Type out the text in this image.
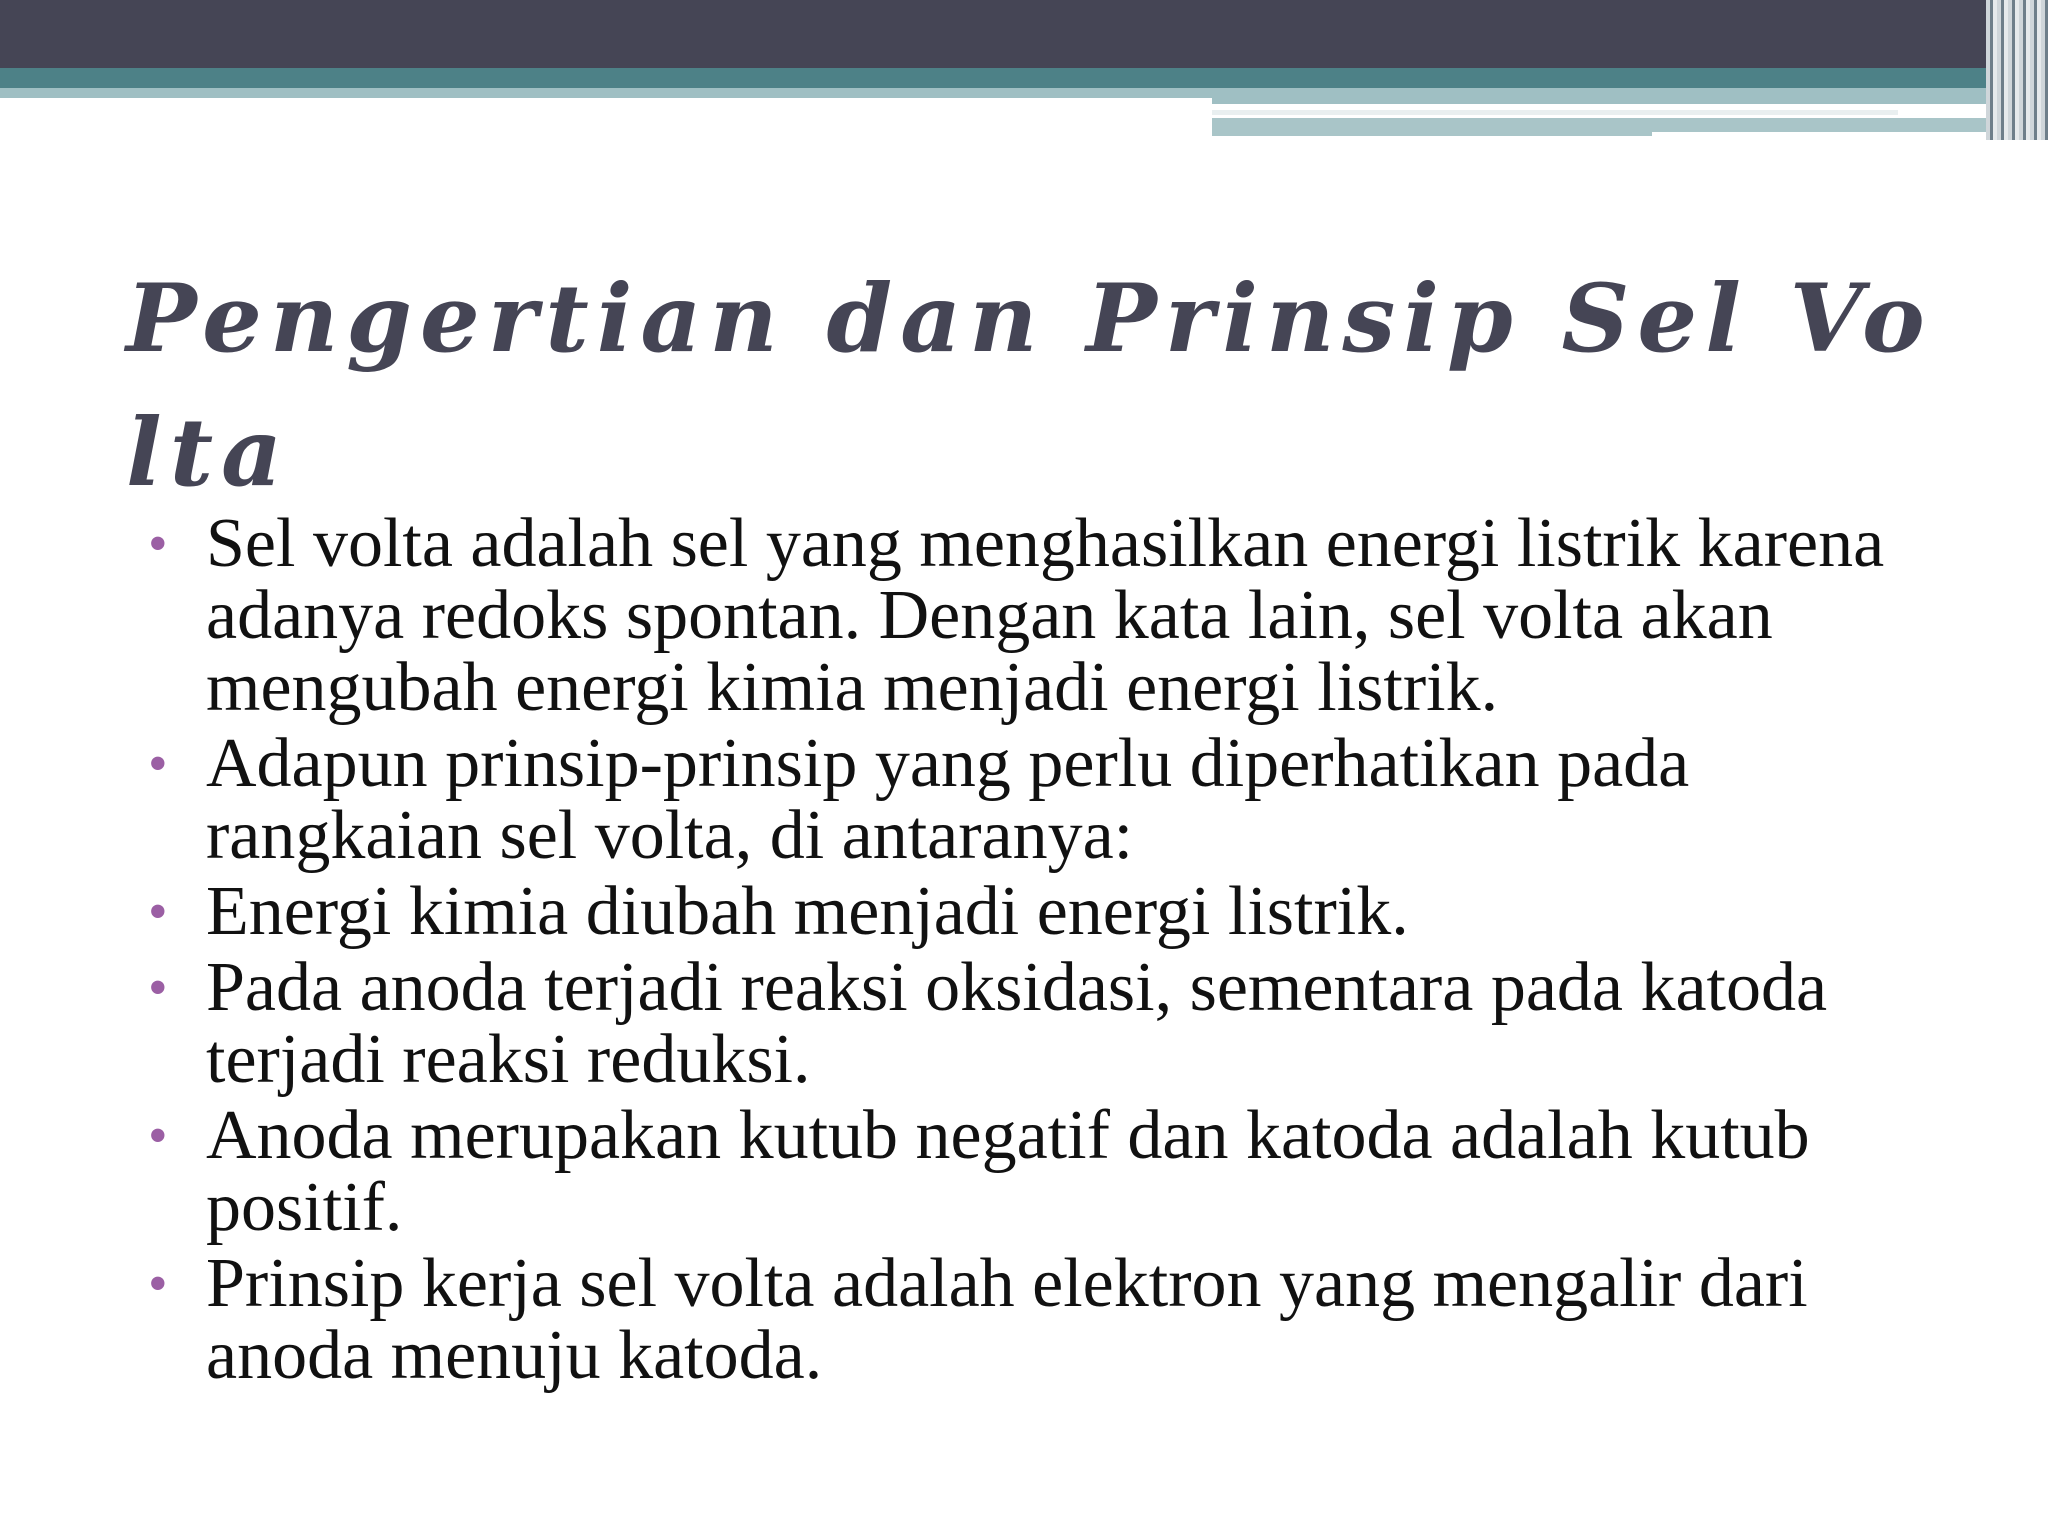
Pengertian dan Prinsip Sel Volta
• Sel volta adalah sel yang menghasilkan energi listrik karena adanya redoks spontan. Dengan kata lain, sel volta akan mengubah energi kimia menjadi energi listrik.
• Adapun prinsip-prinsip yang perlu diperhatikan pada rangkaian sel volta, di antaranya:
• Energi kimia diubah menjadi energi listrik.
• Pada anoda terjadi reaksi oksidasi, sementara pada katoda terjadi reaksi reduksi.
• Anoda merupakan kutub negatif dan katoda adalah kutub positif.
• Prinsip kerja sel volta adalah elektron yang mengalir dari anoda menuju katoda.
